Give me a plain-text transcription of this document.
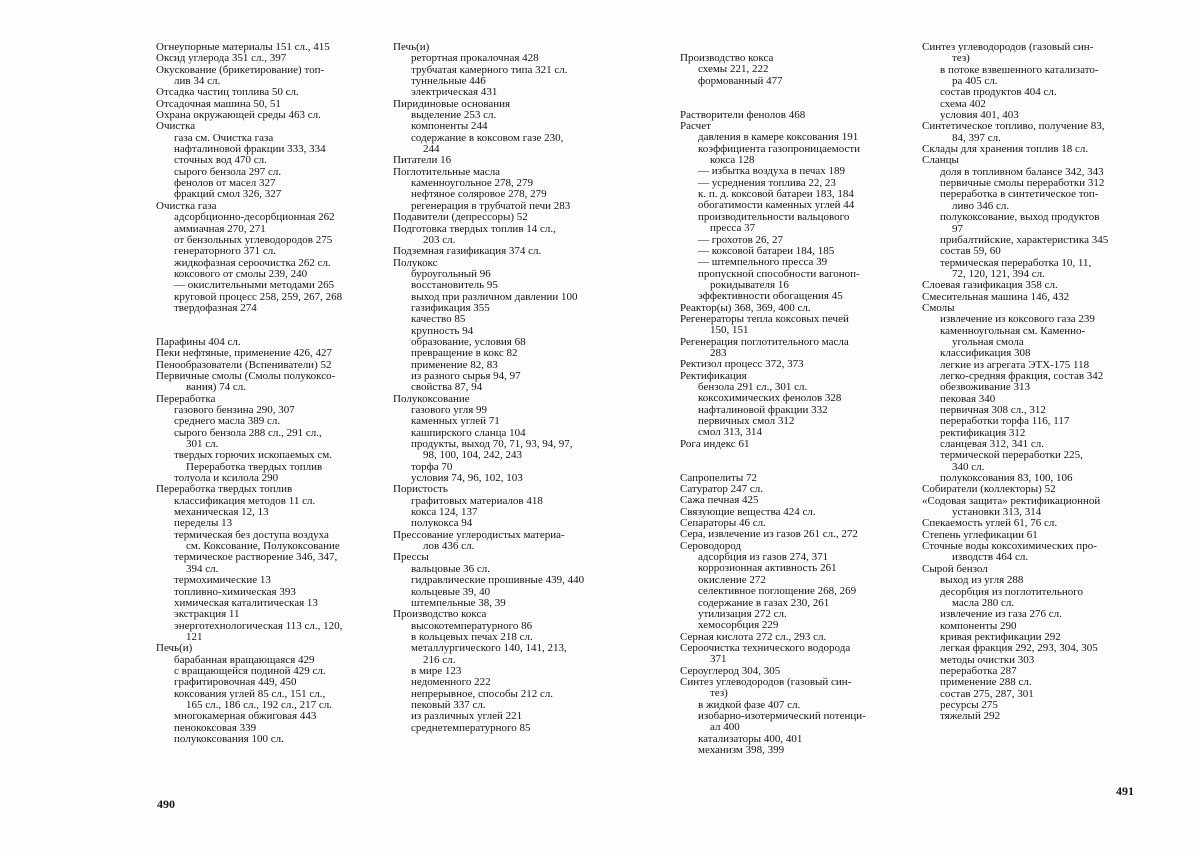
Огнеупорные материалы 151 сл., 415
Оксид углерода 351 сл., 397
Окускование (брикетирование) топ-
лив 34 сл.
Отсадка частиц топлива 50 сл.
Отсадочная машина 50, 51
Охрана окружающей среды 463 сл.
Очистка
газа см. Очистка газа
нафталиновой фракции 333, 334
сточных вод 470 сл.
сырого бензола 297 сл.
фенолов от масел 327
фракций смол 326, 327
Очистка газа
адсорбционно-десорбционная 262
аммиачная 270, 271
от бензольных углеводородов 275
генераторного 371 сл.
жидкофазная сероочистка 262 сл.
коксового от смолы 239, 240
— окислительными методами 265
круговой процесс 258, 259, 267, 268
твердофазная 274
Парафины 404 сл.
Пеки нефтяные, применение 426, 427
Пенообразователи (Вспениватели) 52
Первичные смолы (Смолы полукоксо-
вания) 74 сл.
Переработка
газового бензина 290, 307
среднего масла 389 сл.
сырого бензола 288 сл., 291 сл.,
301 сл.
твердых горючих ископаемых см.
Переработка твердых топлив
толуола и ксилола 290
Переработка твердых топлив
классификация методов 11 сл.
механическая 12, 13
переделы 13
термическая без доступа воздуха
см. Коксование, Полукоксование
термическое растворение 346, 347,
394 сл.
термохимические 13
топливно-химическая 393
химическая каталитическая 13
экстракция 11
энерготехнологическая 113 сл., 120,
121
Печь(и)
барабанная вращающаяся 429
с вращающейся подиной 429 сл.
графитировочная 449, 450
коксования углей 85 сл., 151 сл.,
165 сл., 186 сл., 192 сл., 217 сл.
многокамерная обжиговая 443
пенококсовая 339
полукоксования 100 сл.
Печь(и)
ретортная прокалочная 428
трубчатая камерного типа 321 сл.
туннельные 446
электрическая 431
Пиридиновые основания
выделение 253 сл.
компоненты 244
содержание в коксовом газе 230,
244
Питатели 16
Поглотительные масла
каменноугольное 278, 279
нефтяное соляровое 278, 279
регенерация в трубчатой печи 283
Подавители (депрессоры) 52
Подготовка твердых топлив 14 сл.,
203 сл.
Подземная газификация 374 сл.
Полукокс
буроугольный 96
восстановитель 95
выход при различном давлении 100
газификация 355
качество 85
крупность 94
образование, условия 68
превращение в кокс 82
применение 82, 83
из разного сырья 94, 97
свойства 87, 94
Полукоксование
газового угля 99
каменных углей 71
кашпирского сланца 104
продукты, выход 70, 71, 93, 94, 97,
98, 100, 104, 242, 243
торфа 70
условия 74, 96, 102, 103
Пористость
графитовых материалов 418
кокса 124, 137
полукокса 94
Прессование углеродистых материа-
лов 436 сл.
Прессы
вальцовые 36 сл.
гидравлические прошивные 439, 440
кольцевые 39, 40
штемпельные 38, 39
Производство кокса
высокотемпературного 86
в кольцевых печах 218 сл.
металлургического 140, 141, 213,
216 сл.
в мире 123
недоменного 222
непрерывное, способы 212 сл.
пековый 337 сл.
из различных углей 221
среднетемпературного 85
490
Производство кокса
схемы 221, 222
формованный 477
Растворители фенолов 468
Расчет
давления в камере коксования 191
коэффициента газопроницаемости
кокса 128
— избытка воздуха в печах 189
— усреднения топлива 22, 23
к. п. д. коксовой батареи 183, 184
обогатимости каменных углей 44
производительности вальцового
пресса 37
— грохотов 26, 27
— коксовой батареи 184, 185
— штемпельного пресса 39
пропускной способности вагоноп-
рокидывателя 16
эффективности обогащения 45
Реактор(ы) 368, 369, 400 сл.
Регенераторы тепла коксовых печей
150, 151
Регенерация поглотительного масла
283
Ректизол процесс 372, 373
Ректификация
бензола 291 сл., 301 сл.
коксохимических фенолов 328
нафталиновой фракции 332
первичных смол 312
смол 313, 314
Рога индекс 61
Сапропелиты 72
Сатуратор 247 сл.
Сажа печная 425
Связующие вещества 424 сл.
Сепараторы 46 сл.
Сера, извлечение из газов 261 сл., 272
Сероводород
адсорбция из газов 274, 371
коррозионная активность 261
окисление 272
селективное поглощение 268, 269
содержание в газах 230, 261
утилизация 272 сл.
хемосорбция 229
Серная кислота 272 сл., 293 сл.
Сероочистка технического водорода
371
Сероуглерод 304, 305
Синтез углеводородов (газовый син-
тез)
в жидкой фазе 407 сл.
изобарно-изотермический потенци-
ал 400
катализаторы 400, 401
механизм 398, 399
Синтез углеводородов (газовый син-
тез)
в потоке взвешенного катализато-
ра 405 сл.
состав продуктов 404 сл.
схема 402
условия 401, 403
Синтетическое топливо, получение 83,
84, 397 сл.
Склады для хранения топлив 18 сл.
Сланцы
доля в топливном балансе 342, 343
первичные смолы переработки 312
переработка в синтетическое топ-
ливо 346 сл.
полукоксование, выход продуктов
97
прибалтийские, характеристика 345
состав 59, 60
термическая переработка 10, 11,
72, 120, 121, 394 сл.
Слоевая газификация 358 сл.
Смесительная машина 146, 432
Смолы
извлечение из коксового газа 239
каменноугольная см. Каменно-
угольная смола
классификация 308
легкие из агрегата ЭТХ-175 118
легко-средняя фракция, состав 342
обезвоживание 313
пековая 340
первичная 308 сл., 312
переработки торфа 116, 117
ректификация 312
сланцевая 312, 341 сл.
термической переработки 225,
340 сл.
полукоксования 83, 100, 106
Собиратели (коллекторы) 52
«Содовая защита» ректификационной
установки 313, 314
Спекаемость углей 61, 76 сл.
Степень углефикации 61
Сточные воды коксохимических про-
изводств 464 сл.
Сырой бензол
выход из угля 288
десорбция из поглотительного
масла 280 сл.
извлечение из газа 276 сл.
компоненты 290
кривая ректификации 292
легкая фракция 292, 293, 304, 305
методы очистки 303
переработка 287
применение 288 сл.
состав 275, 287, 301
ресурсы 275
тяжелый 292
491
